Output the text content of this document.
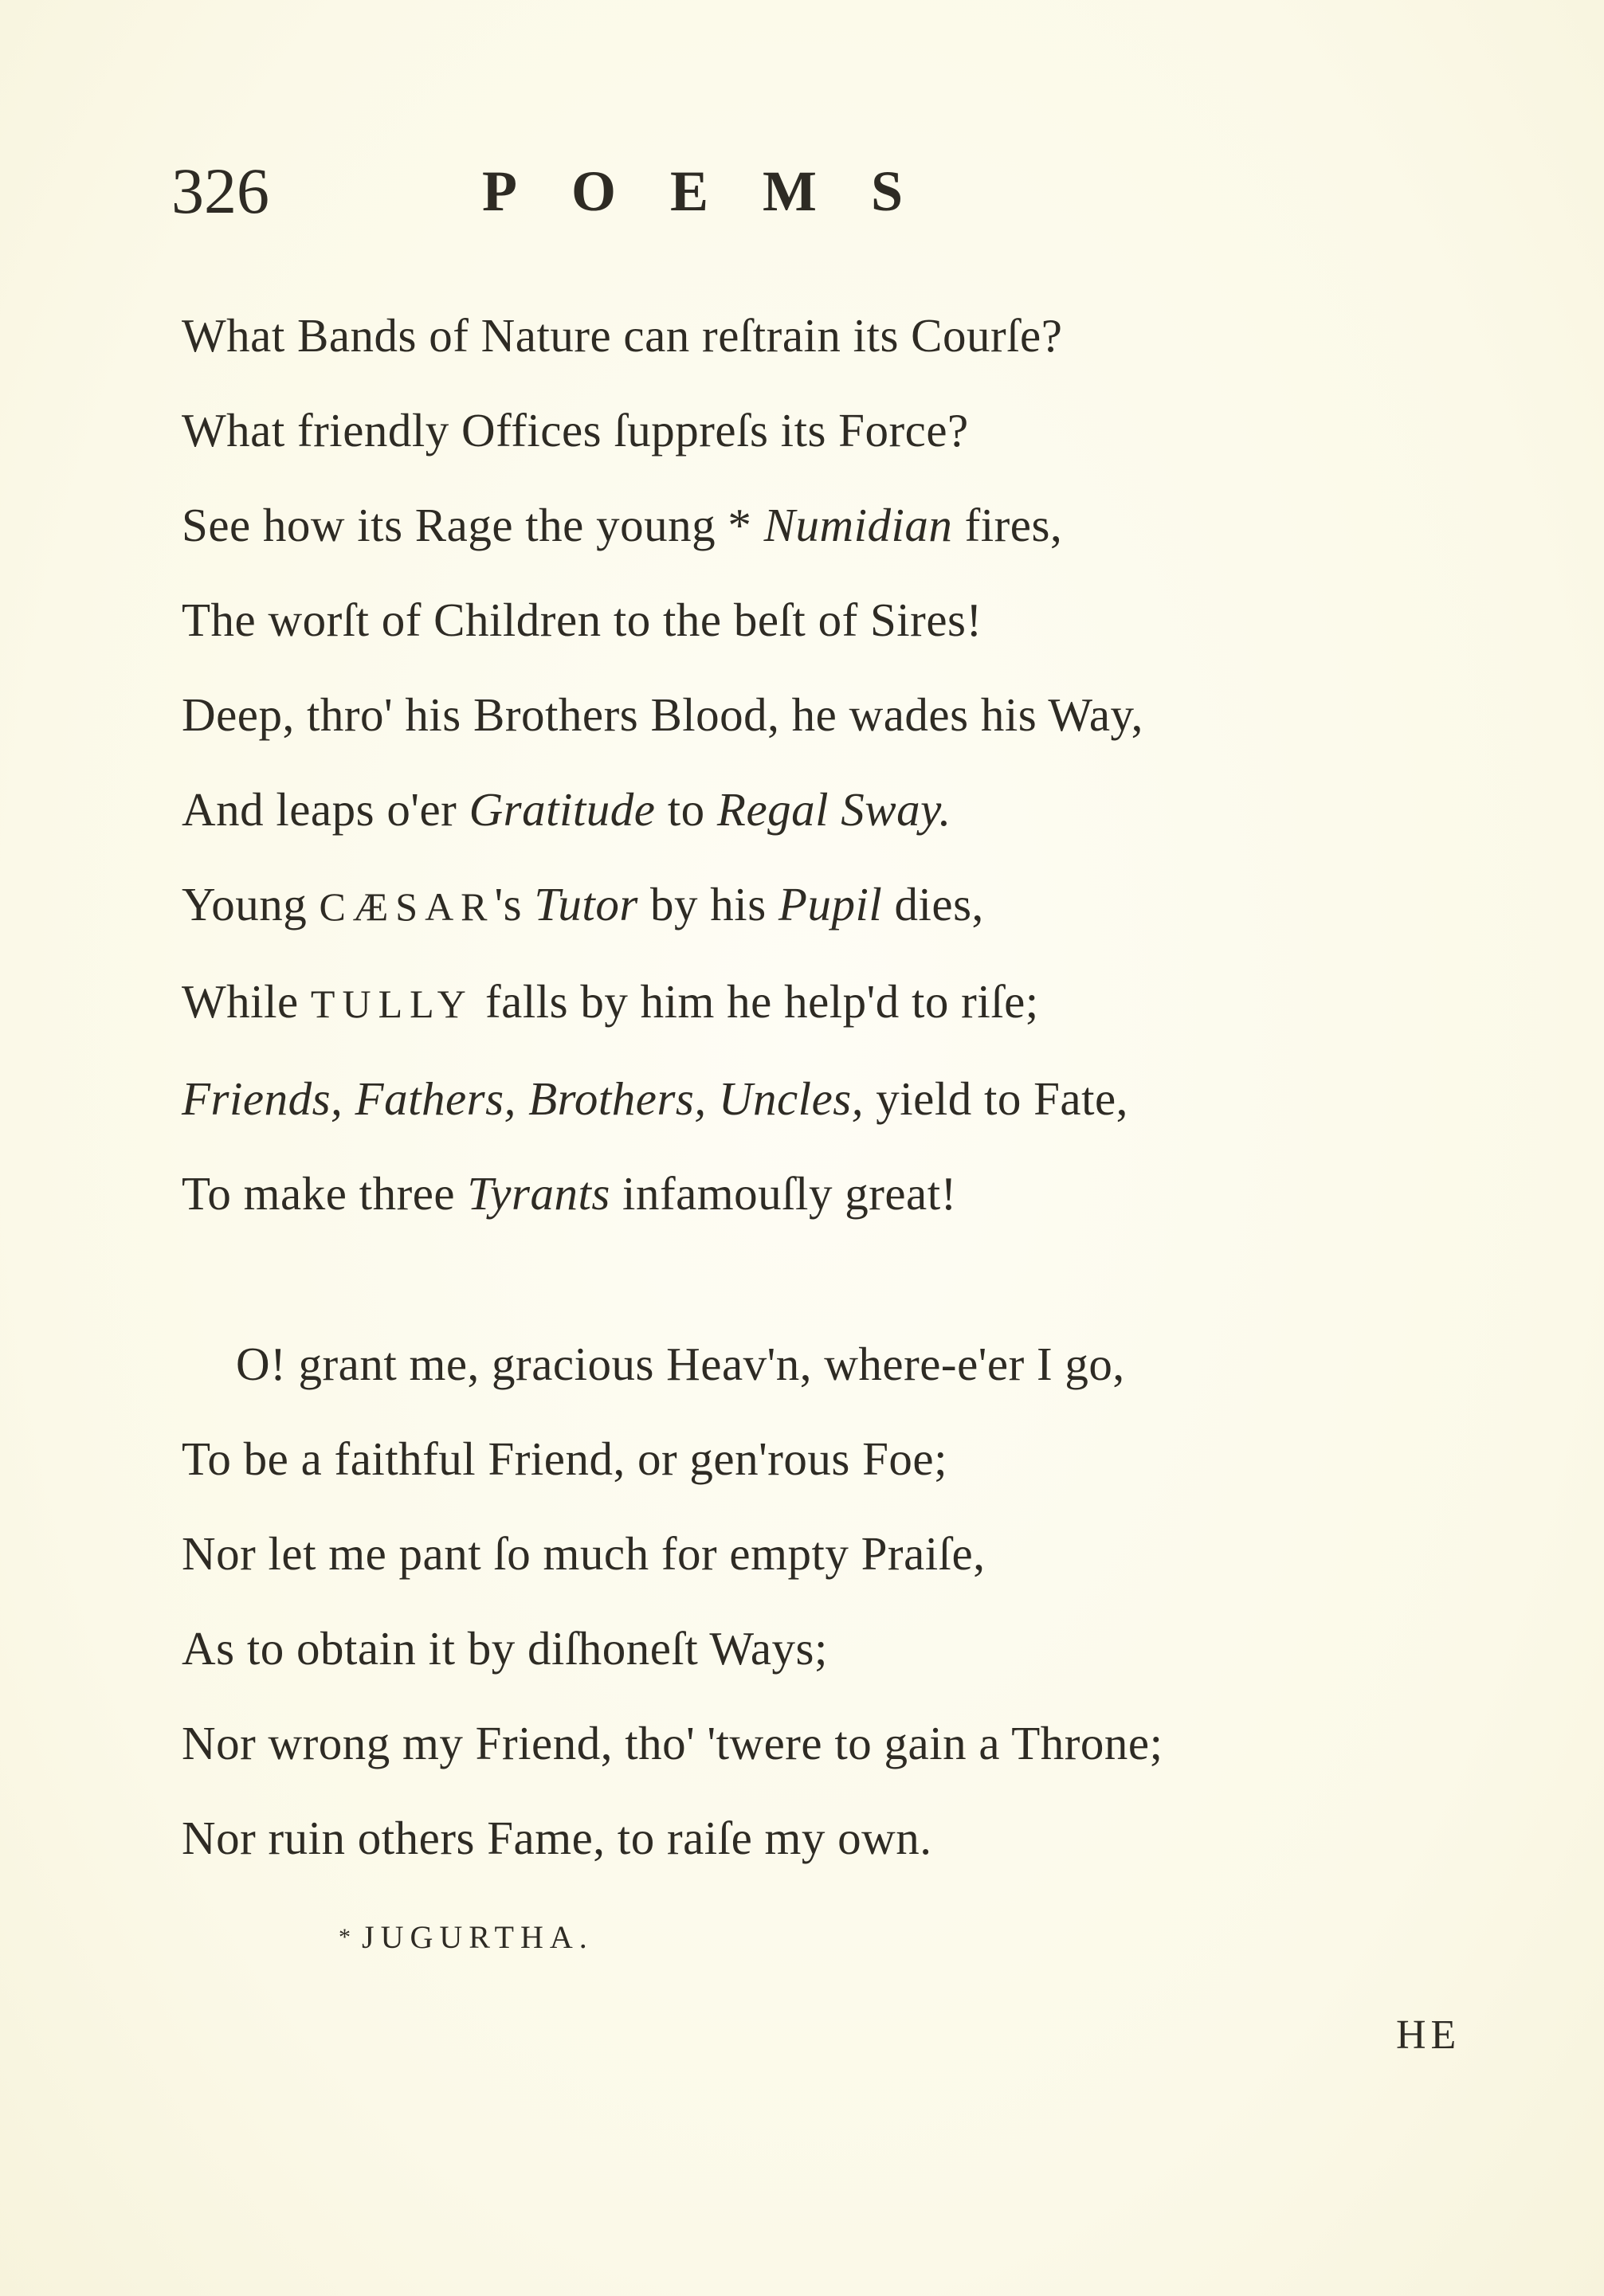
326	POEMS
What Bands of Nature can reſtrain its Courſe?
What friendly Offices ſuppreſs its Force?
See how its Rage the young * Numidian fires,
The worſt of Children to the beſt of Sires!
Deep, thro' his Brothers Blood, he wades his Way,
And leaps o'er Gratitude to Regal Sway.
Young CÆSAR's Tutor by his Pupil dies,
While TULLY falls by him he help'd to riſe;
Friends, Fathers, Brothers, Uncles, yield to Fate,
To make three Tyrants infamouſly great!
O! grant me, gracious Heav'n, where-e'er I go,
To be a faithful Friend, or gen'rous Foe;
Nor let me pant ſo much for empty Praiſe,
As to obtain it by diſhoneſt Ways;
Nor wrong my Friend, tho' 'twere to gain a Throne;
Nor ruin others Fame, to raiſe my own.
* JUGURTHA.
HE
